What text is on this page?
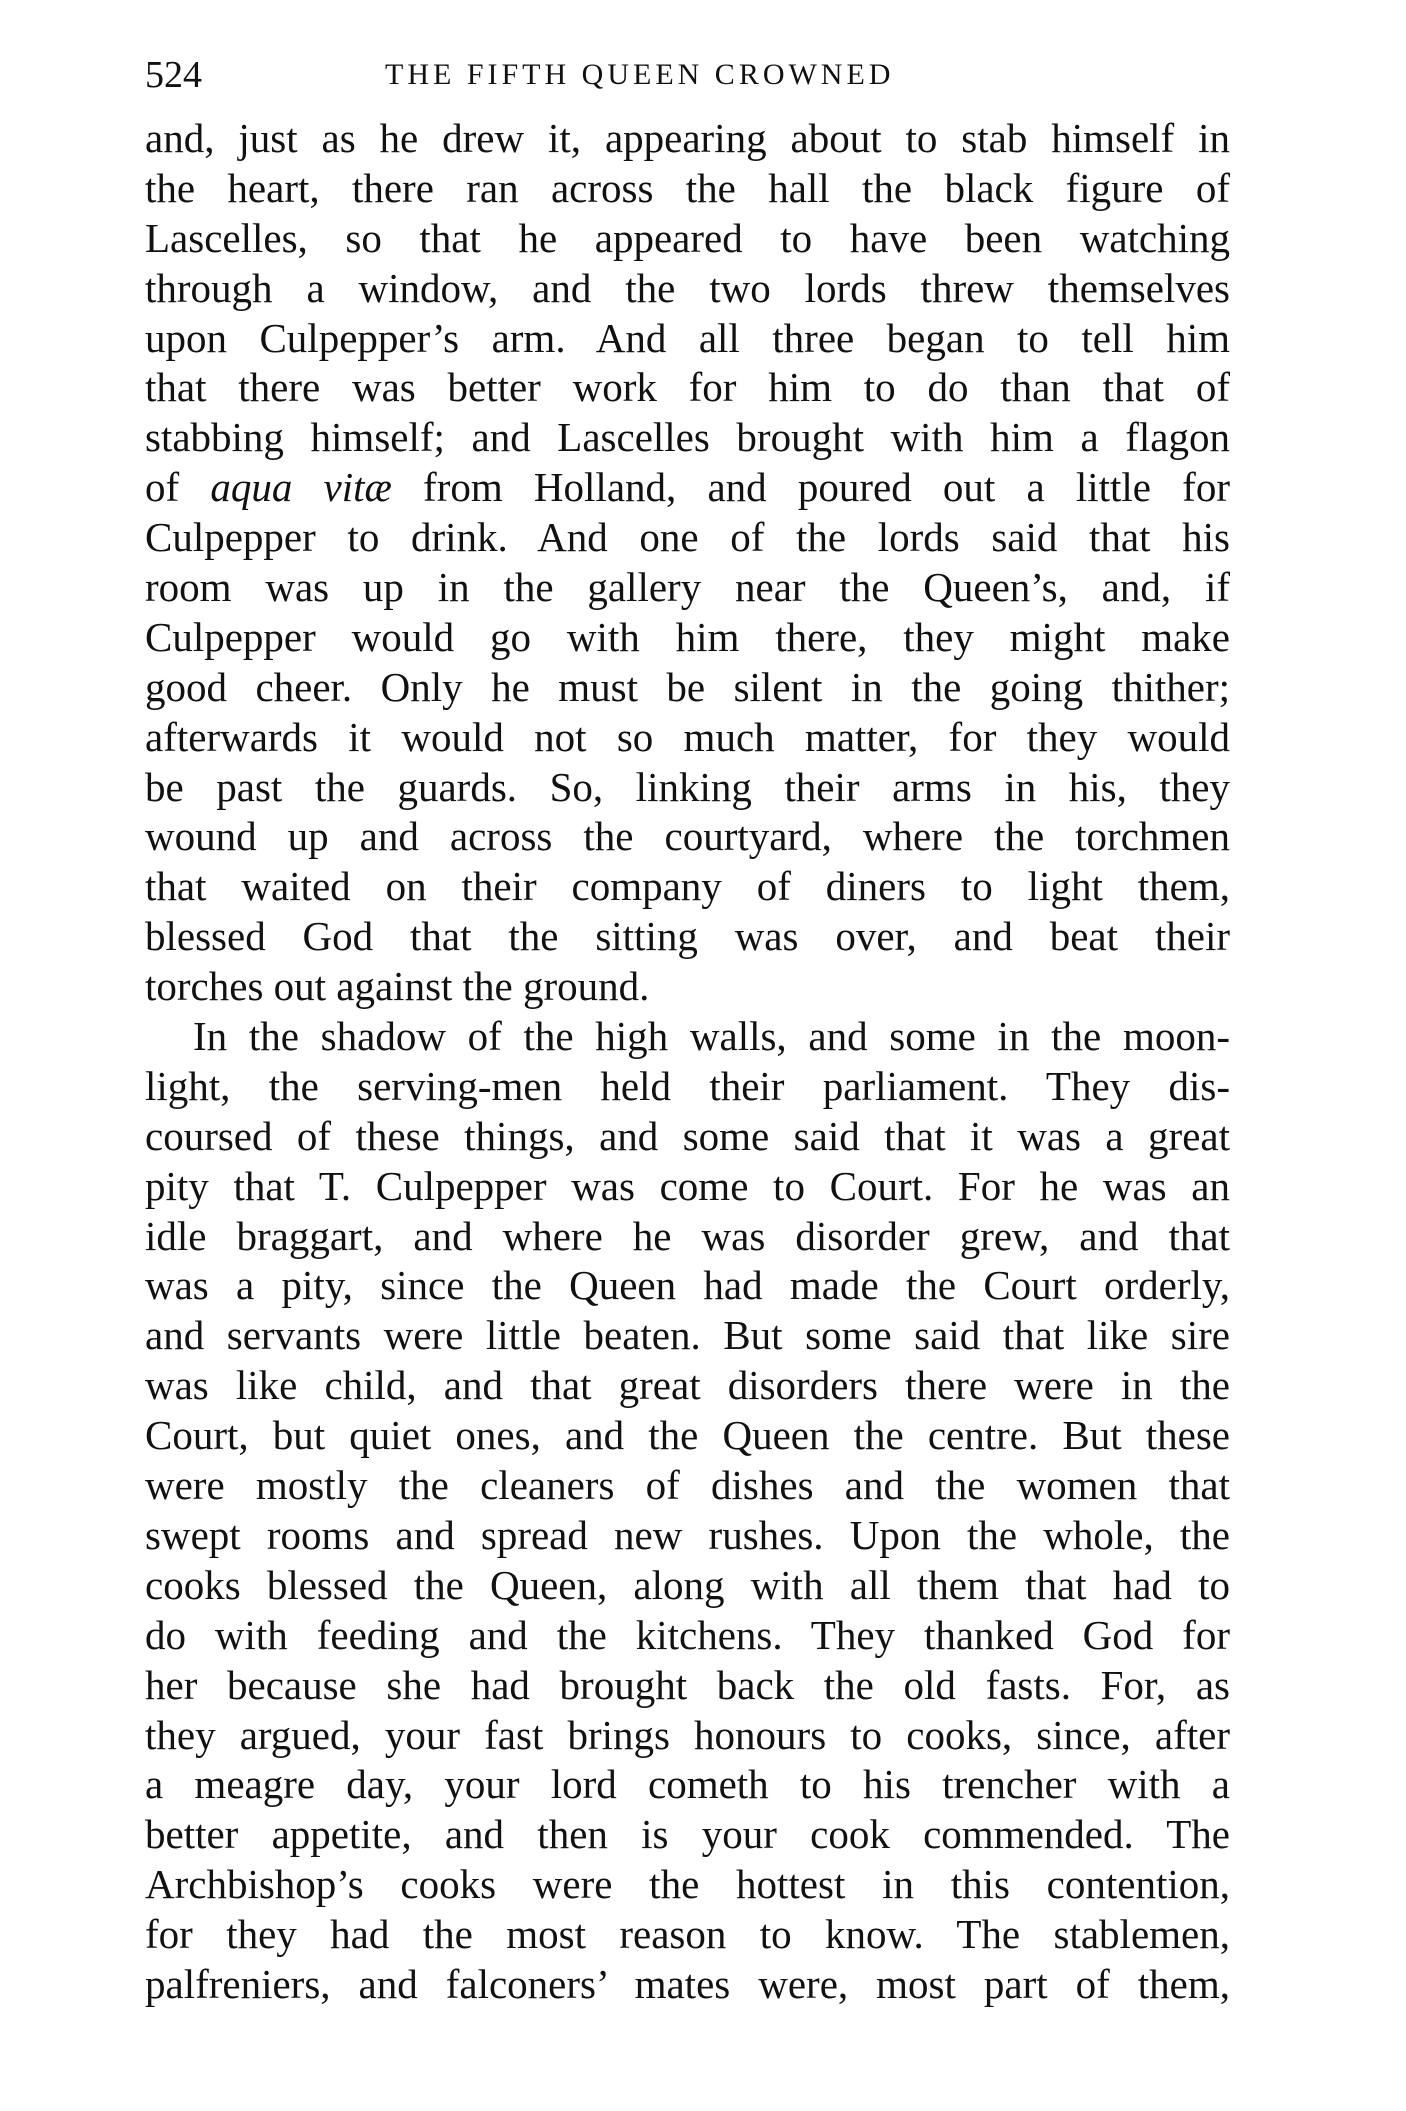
524	THE FIFTH QUEEN CROWNED
and, just as he drew it, appearing about to stab himself in
the heart, there ran across the hall the black figure of
Lascelles, so that he appeared to have been watching
through a window, and the two lords threw themselves
upon Culpepper’s arm. And all three began to tell him
that there was better work for him to do than that of
stabbing himself; and Lascelles brought with him a flagon
of aqua vitæ from Holland, and poured out a little for
Culpepper to drink. And one of the lords said that his
room was up in the gallery near the Queen’s, and, if
Culpepper would go with him there, they might make
good cheer. Only he must be silent in the going thither;
afterwards it would not so much matter, for they would
be past the guards. So, linking their arms in his, they
wound up and across the courtyard, where the torchmen
that waited on their company of diners to light them,
blessed God that the sitting was over, and beat their
torches out against the ground.
In the shadow of the high walls, and some in the moon-
light, the serving-men held their parliament. They dis-
coursed of these things, and some said that it was a great
pity that T. Culpepper was come to Court. For he was an
idle braggart, and where he was disorder grew, and that
was a pity, since the Queen had made the Court orderly,
and servants were little beaten. But some said that like sire
was like child, and that great disorders there were in the
Court, but quiet ones, and the Queen the centre. But these
were mostly the cleaners of dishes and the women that
swept rooms and spread new rushes. Upon the whole, the
cooks blessed the Queen, along with all them that had to
do with feeding and the kitchens. They thanked God for
her because she had brought back the old fasts. For, as
they argued, your fast brings honours to cooks, since, after
a meagre day, your lord cometh to his trencher with a
better appetite, and then is your cook commended. The
Archbishop’s cooks were the hottest in this contention,
for they had the most reason to know. The stablemen,
palfreniers, and falconers’ mates were, most part of them,
